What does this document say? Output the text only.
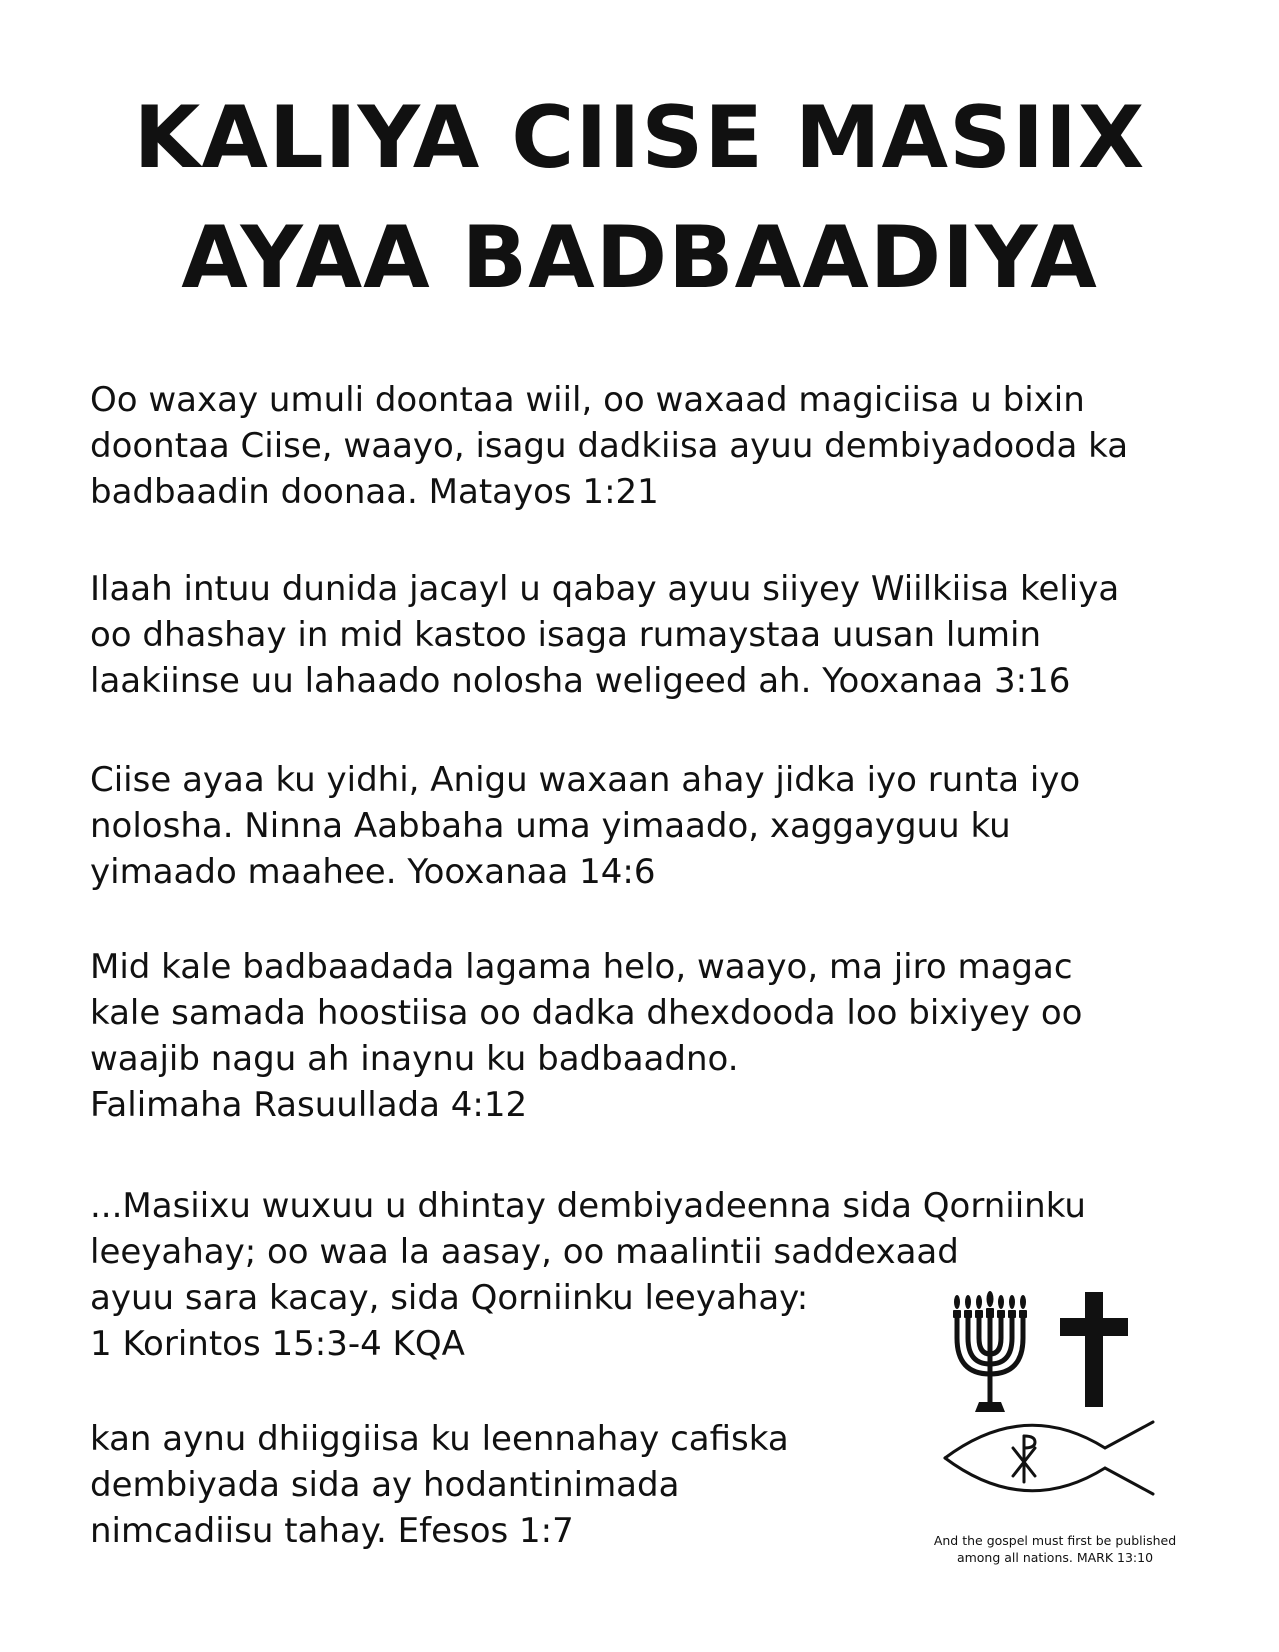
KALIYA CIISE MASIIX
AYAA BADBAADIYA
Oo waxay umuli doontaa wiil, oo waxaad magiciisa u bixin
doontaa Ciise, waayo, isagu dadkiisa ayuu dembiyadooda ka
badbaadin doonaa. Matayos 1:21
Ilaah intuu dunida jacayl u qabay ayuu siiyey Wiilkiisa keliya
oo dhashay in mid kastoo isaga rumaystaa uusan lumin
laakiinse uu lahaado nolosha weligeed ah. Yooxanaa 3:16
Ciise ayaa ku yidhi, Anigu waxaan ahay jidka iyo runta iyo
nolosha. Ninna Aabbaha uma yimaado, xaggayguu ku
yimaado maahee. Yooxanaa 14:6
Mid kale badbaadada lagama helo, waayo, ma jiro magac
kale samada hoostiisa oo dadka dhexdooda loo bixiyey oo
waajib nagu ah inaynu ku badbaadno.
Falimaha Rasuullada 4:12
...Masiixu wuxuu u dhintay dembiyadeenna sida Qorniinku
leeyahay; oo waa la aasay, oo maalintii saddexaad
ayuu sara kacay, sida Qorniinku leeyahay:
1 Korintos 15:3-4 KQA
kan aynu dhiiggiisa ku leennahay cafiska
dembiyada sida ay hodantinimada
nimcadiisu tahay. Efesos 1:7	And the gospel must first be published
among all nations. MARK 13:10
